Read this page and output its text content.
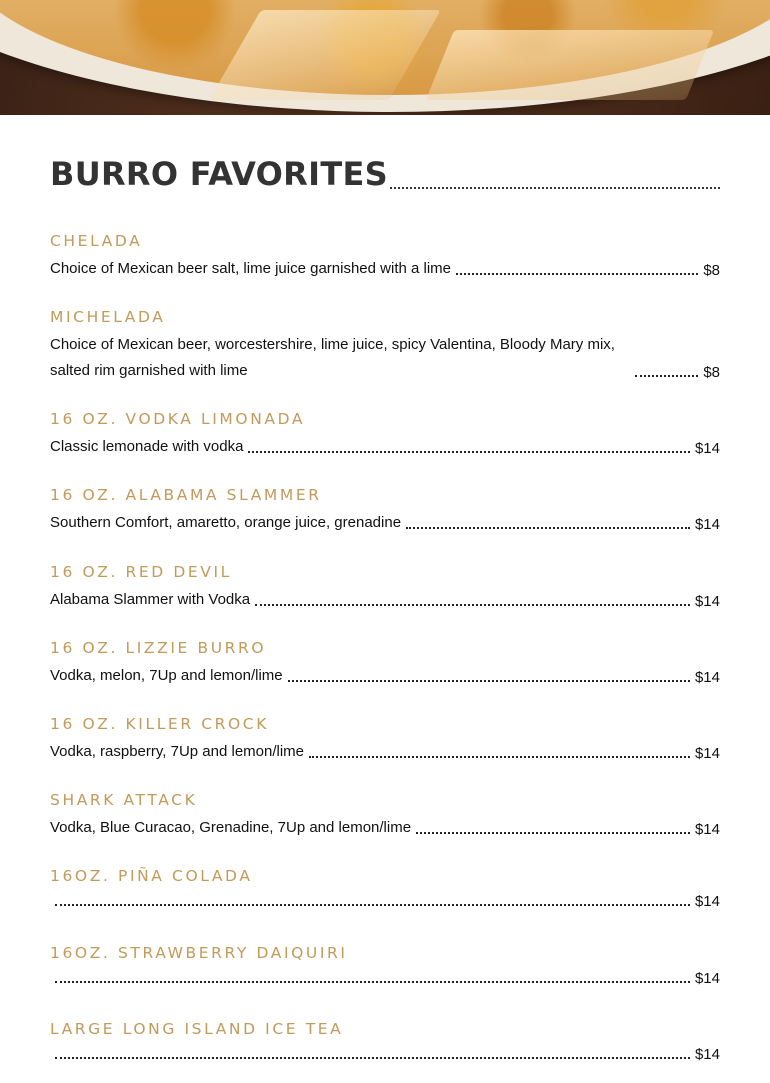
BURRO FAVORITES
CHELADA
Choice of Mexican beer salt, lime juice garnished with a lime	$8
MICHELADA
Choice of Mexican beer, worcestershire, lime juice, spicy Valentina, Bloody Mary mix, salted rim garnished with lime	$8
16 OZ. VODKA LIMONADA
Classic lemonade with vodka	$14
16 OZ. ALABAMA SLAMMER
Southern Comfort, amaretto, orange juice, grenadine	$14
16 OZ. RED DEVIL
Alabama Slammer with Vodka	$14
16 OZ. LIZZIE BURRO
Vodka, melon, 7Up and lemon/lime	$14
16 OZ. KILLER CROCK
Vodka, raspberry, 7Up and lemon/lime	$14
SHARK ATTACK
Vodka, Blue Curacao, Grenadine, 7Up and lemon/lime	$14
16OZ. PIÑA COLADA
$14
16OZ. STRAWBERRY DAIQUIRI
$14
LARGE LONG ISLAND ICE TEA
$14
